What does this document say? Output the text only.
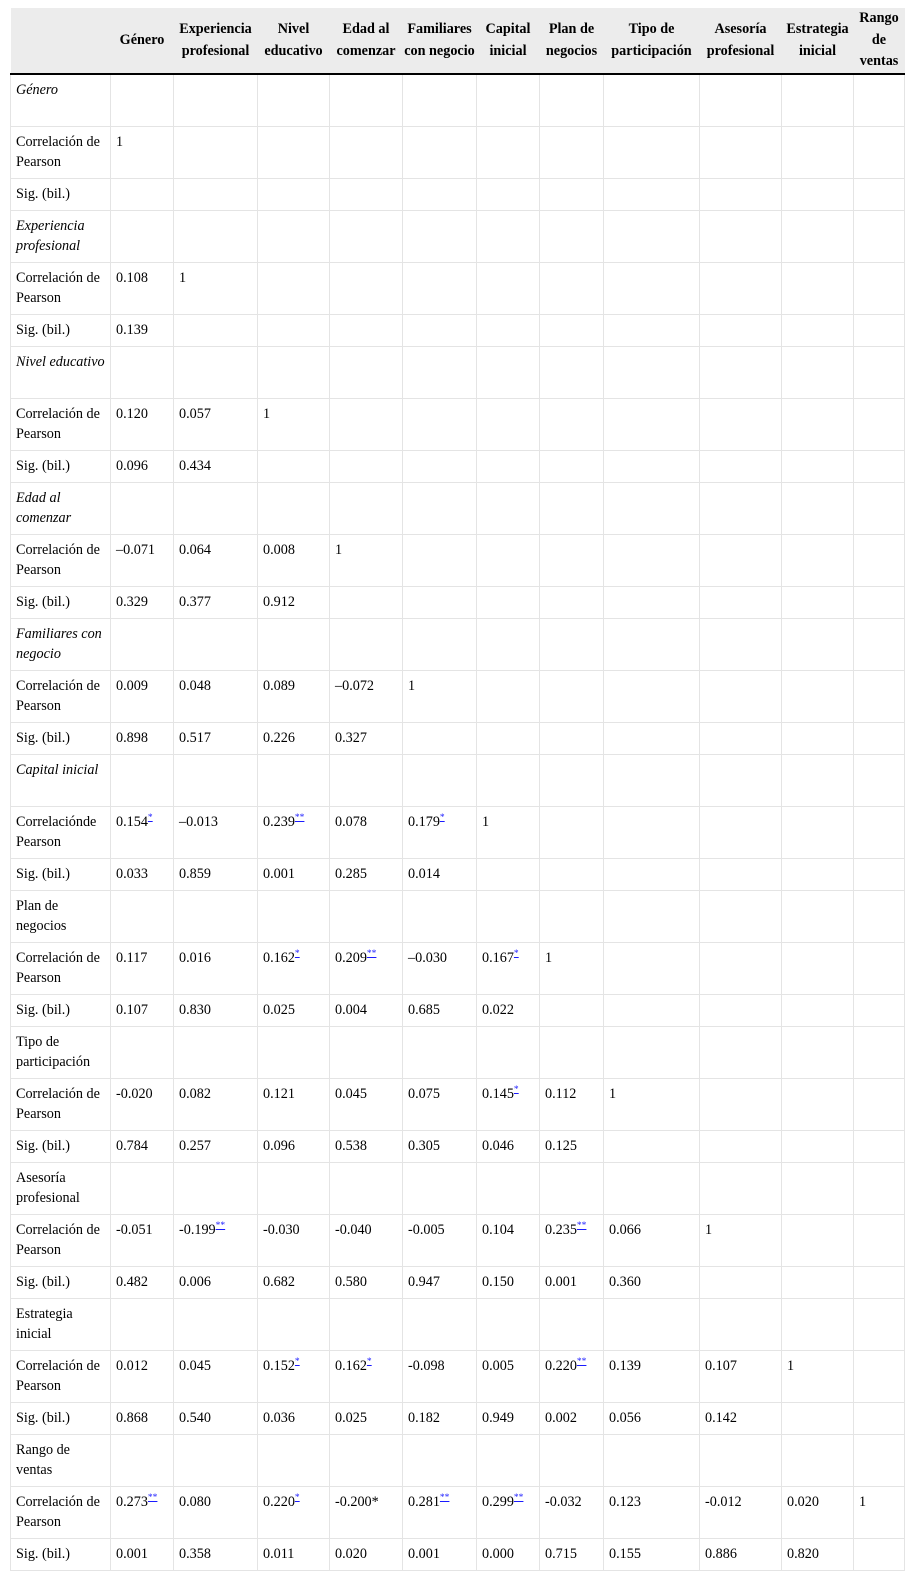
	Género	Experiencia profesional	Nivel educativo	Edad al comenzar	Familiares con negocio	Capital inicial	Plan de negocios	Tipo de participación	Asesoría profesional	Estrategia inicial	Rango de ventas
Género											
Correlación de Pearson	1										
Sig. (bil.)											
Experiencia profesional											
Correlación de Pearson	0.108	1									
Sig. (bil.)	0.139										
Nivel educativo											
Correlación de Pearson	0.120	0.057	1								
Sig. (bil.)	0.096	0.434									
Edad al comenzar											
Correlación de Pearson	–0.071	0.064	0.008	1							
Sig. (bil.)	0.329	0.377	0.912								
Familiares con negocio											
Correlación de Pearson	0.009	0.048	0.089	–0.072	1						
Sig. (bil.)	0.898	0.517	0.226	0.327							
Capital inicial											
Correlacióndе Pearson	0.154*	–0.013	0.239**	0.078	0.179*	1					
Sig. (bil.)	0.033	0.859	0.001	0.285	0.014						
Plan de negocios											
Correlación de Pearson	0.117	0.016	0.162*	0.209**	–0.030	0.167*	1				
Sig. (bil.)	0.107	0.830	0.025	0.004	0.685	0.022					
Tipo de participación											
Correlación de Pearson	-0.020	0.082	0.121	0.045	0.075	0.145*	0.112	1			
Sig. (bil.)	0.784	0.257	0.096	0.538	0.305	0.046	0.125				
Asesoría profesional											
Correlación de Pearson	-0.051	-0.199**	-0.030	-0.040	-0.005	0.104	0.235**	0.066	1		
Sig. (bil.)	0.482	0.006	0.682	0.580	0.947	0.150	0.001	0.360			
Estrategia inicial											
Correlación de Pearson	0.012	0.045	0.152*	0.162*	-0.098	0.005	0.220**	0.139	0.107	1	
Sig. (bil.)	0.868	0.540	0.036	0.025	0.182	0.949	0.002	0.056	0.142		
Rango de ventas											
Correlación de Pearson	0.273**	0.080	0.220*	-0.200*	0.281**	0.299**	-0.032	0.123	-0.012	0.020	1
Sig. (bil.)	0.001	0.358	0.011	0.020	0.001	0.000	0.715	0.155	0.886	0.820	
